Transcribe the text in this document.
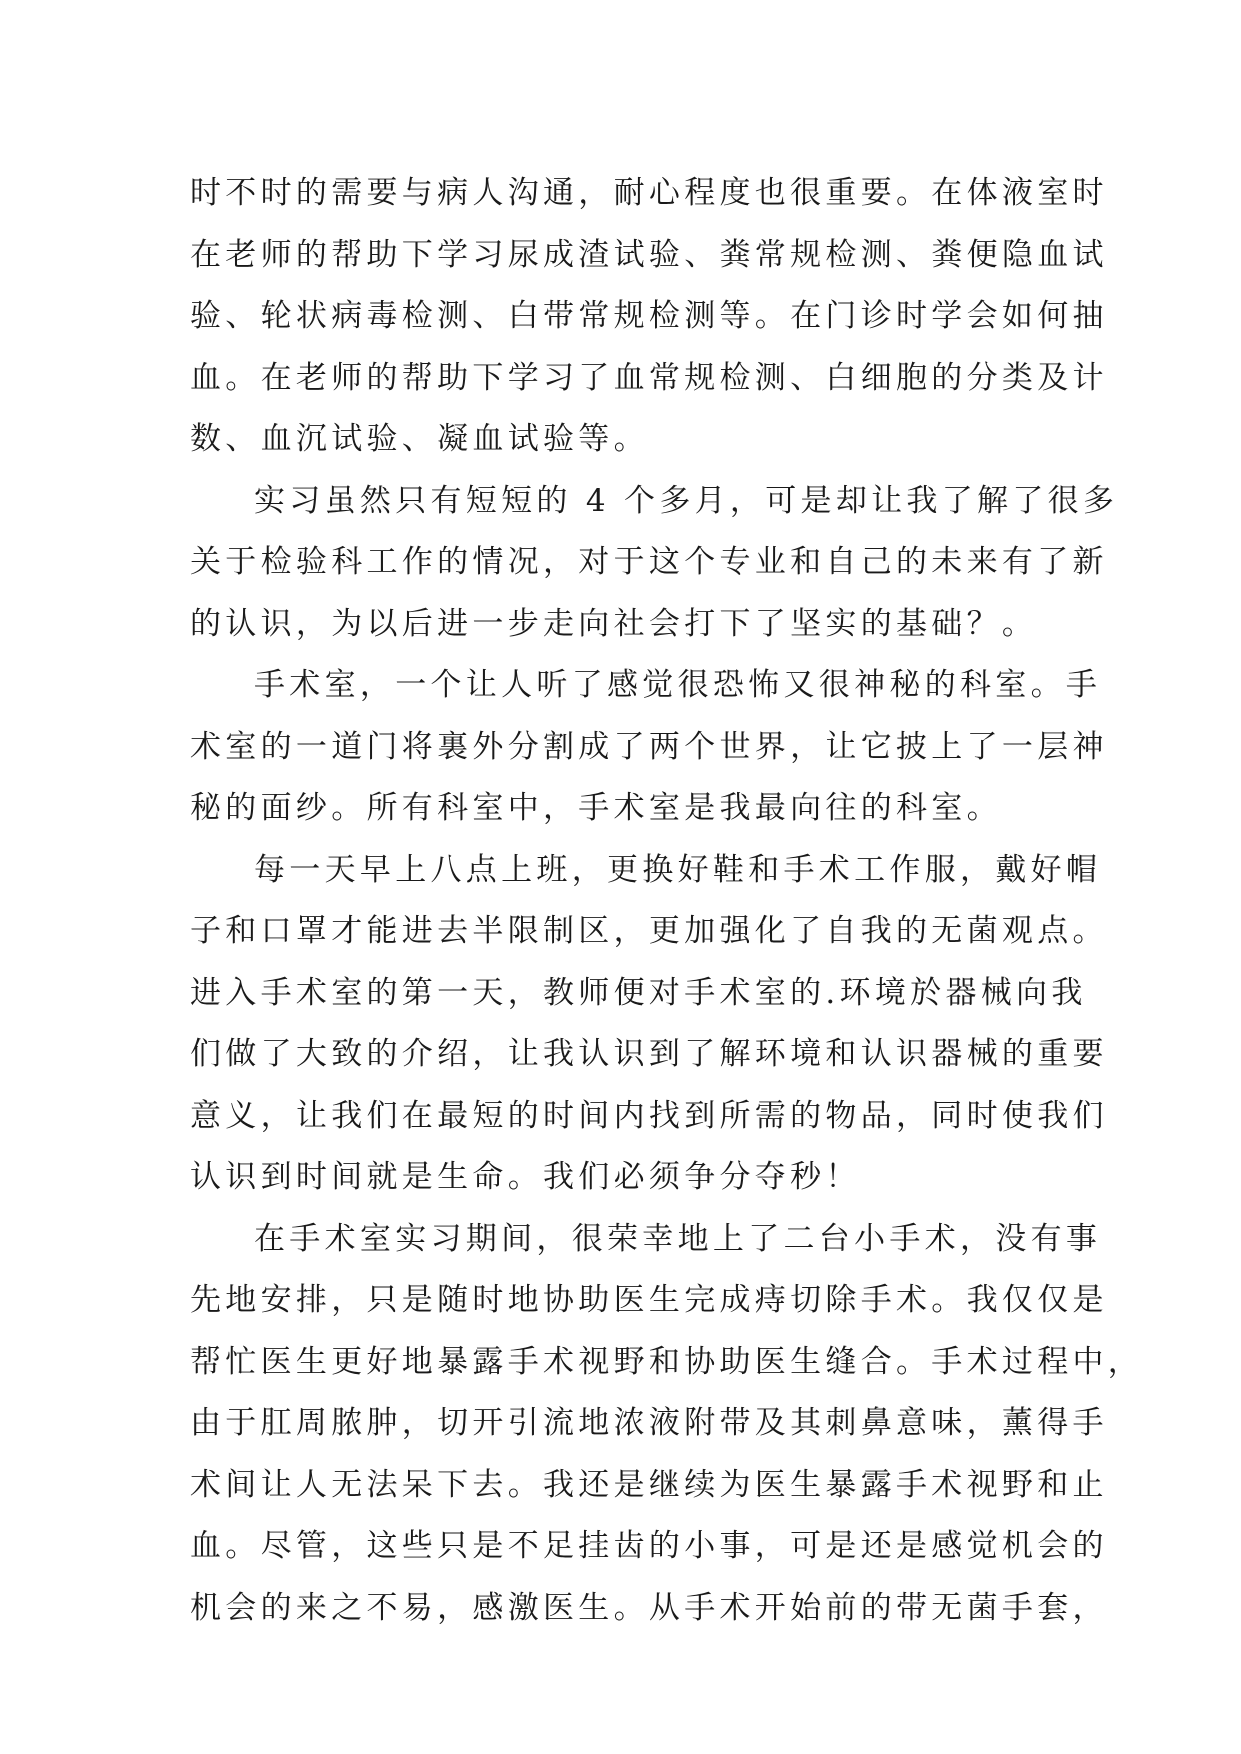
时不时的需要与病人沟通，耐心程度也很重要。在体液室时
在老师的帮助下学习尿成渣试验、粪常规检测、粪便隐血试
验、轮状病毒检测、白带常规检测等。在门诊时学会如何抽
血。在老师的帮助下学习了血常规检测、白细胞的分类及计
数、血沉试验、凝血试验等。
实习虽然只有短短的 4 个多月，可是却让我了解了很多
关于检验科工作的情况，对于这个专业和自己的未来有了新
的认识，为以后进一步走向社会打下了坚实的基础？。
手术室，一个让人听了感觉很恐怖又很神秘的科室。手
术室的一道门将裏外分割成了两个世界，让它披上了一层神
秘的面纱。所有科室中，手术室是我最向往的科室。
每一天早上八点上班，更换好鞋和手术工作服，戴好帽
子和口罩才能进去半限制区，更加强化了自我的无菌观点。
进入手术室的第一天，教师便对手术室的.环境於器械向我
们做了大致的介绍，让我认识到了解环境和认识器械的重要
意义，让我们在最短的时间内找到所需的物品，同时使我们
认识到时间就是生命。我们必须争分夺秒！
在手术室实习期间，很荣幸地上了二台小手术，没有事
先地安排，只是随时地协助医生完成痔切除手术。我仅仅是
帮忙医生更好地暴露手术视野和协助医生缝合。手术过程中，
由于肛周脓肿，切开引流地浓液附带及其刺鼻意味，薰得手
术间让人无法呆下去。我还是继续为医生暴露手术视野和止
血。尽管，这些只是不足挂齿的小事，可是还是感觉机会的
机会的来之不易，感激医生。从手术开始前的带无菌手套，
